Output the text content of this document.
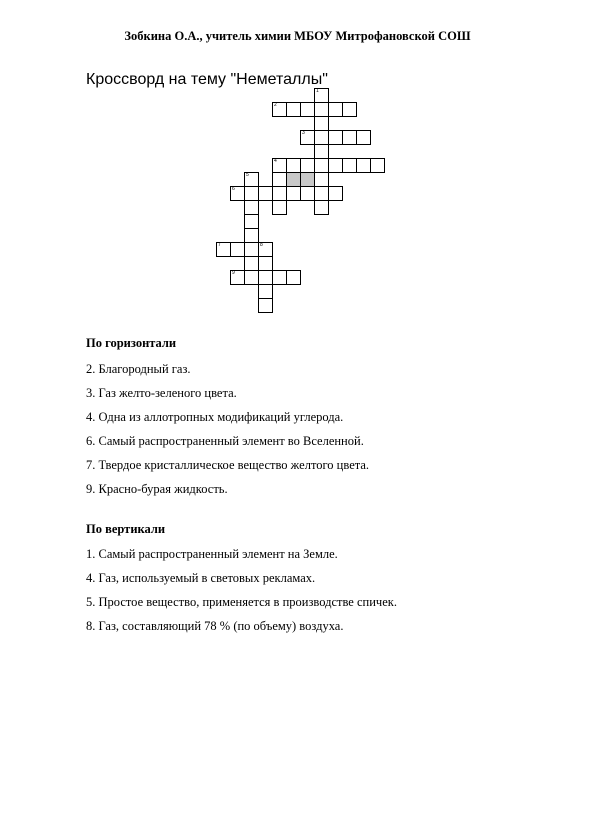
Зобкина О.А., учитель химии МБОУ Митрофановской СОШ
Кроссворд на тему "Неметаллы"
1
2
3
4
5
6
7	8
9
По горизонтали
2. Благородный газ.
3. Газ желто-зеленого цвета.
4. Одна из аллотропных модификаций углерода.
6. Самый распространенный элемент во Вселенной.
7. Твердое кристаллическое вещество желтого цвета.
9. Красно-бурая жидкость.
По вертикали
1. Самый распространенный элемент на Земле.
4. Газ, используемый в световых рекламах.
5. Простое вещество, применяется в производстве спичек.
8. Газ, составляющий 78 % (по объему) воздуха.
